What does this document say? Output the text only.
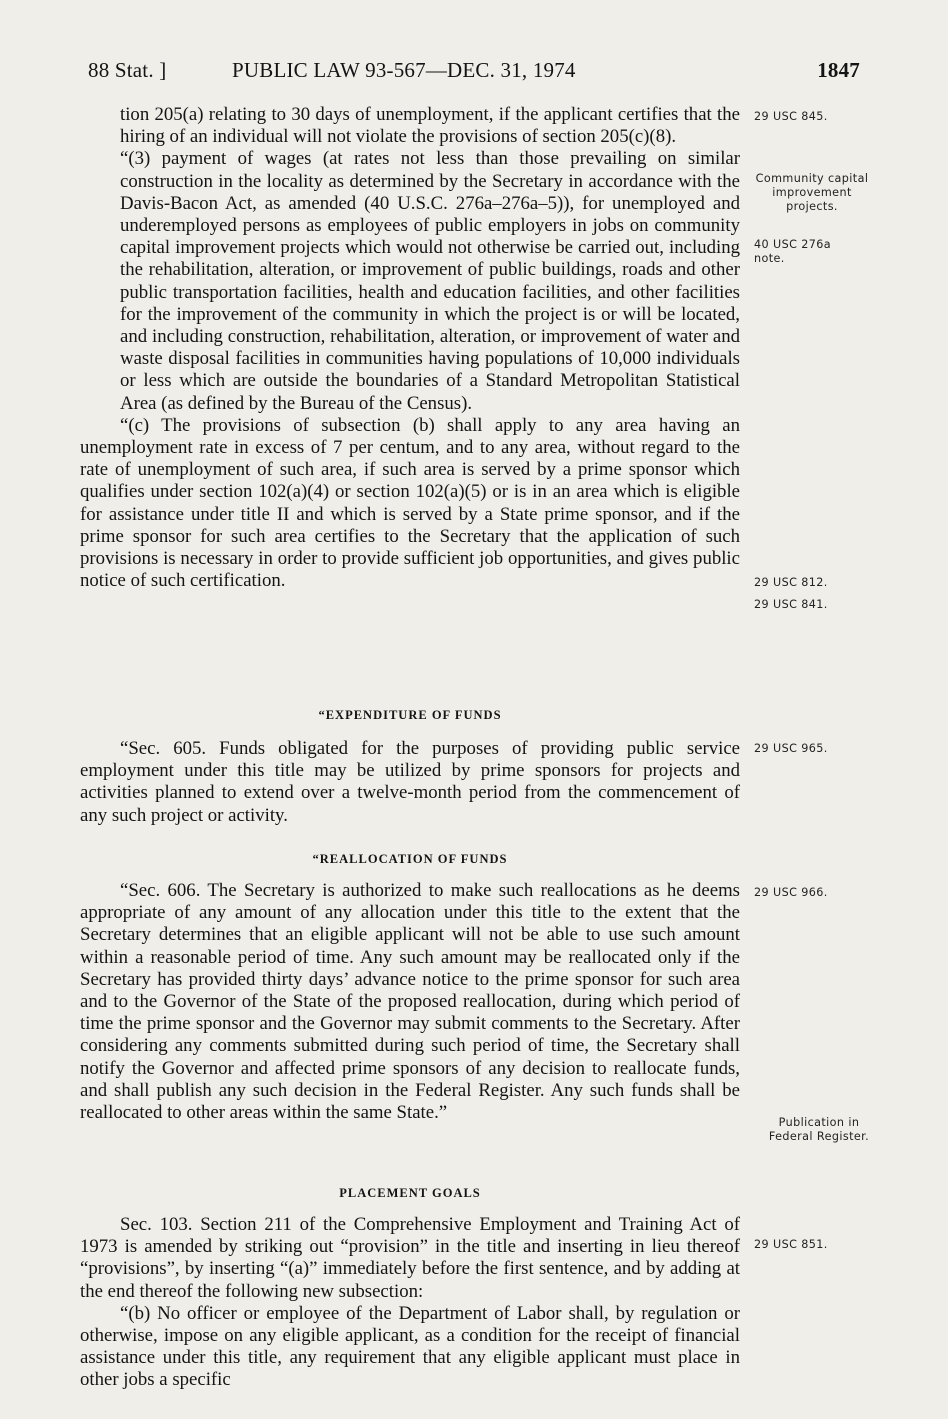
88 Stat. ]	PUBLIC LAW 93-567—DEC. 31, 1974	1847

tion 205(a) relating to 30 days of unemployment, if the applicant certifies that the hiring of an individual will not violate the provisions of section 205(c)(8).

“(3) payment of wages (at rates not less than those prevailing on similar construction in the locality as determined by the Secretary in accordance with the Davis-Bacon Act, as amended (40 U.S.C. 276a–276a–5)), for unemployed and underemployed persons as employees of public employers in jobs on community capital improvement projects which would not otherwise be carried out, including the rehabilitation, alteration, or improvement of public buildings, roads and other public transportation facilities, health and education facilities, and other facilities for the improvement of the community in which the project is or will be located, and including construction, rehabilitation, alteration, or improvement of water and waste disposal facilities in communities having populations of 10,000 individuals or less which are outside the boundaries of a Standard Metropolitan Statistical Area (as defined by the Bureau of the Census).

“(c) The provisions of subsection (b) shall apply to any area having an unemployment rate in excess of 7 per centum, and to any area, without regard to the rate of unemployment of such area, if such area is served by a prime sponsor which qualifies under section 102(a)(4) or section 102(a)(5) or is in an area which is eligible for assistance under title II and which is served by a State prime sponsor, and if the prime sponsor for such area certifies to the Secretary that the application of such provisions is necessary in order to provide sufficient job opportunities, and gives public notice of such certification.

“EXPENDITURE OF FUNDS

“Sec. 605. Funds obligated for the purposes of providing public service employment under this title may be utilized by prime sponsors for projects and activities planned to extend over a twelve-month period from the commencement of any such project or activity.

“REALLOCATION OF FUNDS

“Sec. 606. The Secretary is authorized to make such reallocations as he deems appropriate of any amount of any allocation under this title to the extent that the Secretary determines that an eligible applicant will not be able to use such amount within a reasonable period of time. Any such amount may be reallocated only if the Secretary has provided thirty days’ advance notice to the prime sponsor for such area and to the Governor of the State of the proposed reallocation, during which period of time the prime sponsor and the Governor may submit comments to the Secretary. After considering any comments submitted during such period of time, the Secretary shall notify the Governor and affected prime sponsors of any decision to reallocate funds, and shall publish any such decision in the Federal Register. Any such funds shall be reallocated to other areas within the same State.”

PLACEMENT GOALS

Sec. 103. Section 211 of the Comprehensive Employment and Training Act of 1973 is amended by striking out “provision” in the title and inserting in lieu thereof “provisions”, by inserting “(a)” immediately before the first sentence, and by adding at the end thereof the following new subsection:

“(b) No officer or employee of the Department of Labor shall, by regulation or otherwise, impose on any eligible applicant, as a condition for the receipt of financial assistance under this title, any requirement that any eligible applicant must place in other jobs a specific

29 USC 845.
Community capital improvement projects.
40 USC 276a note.
29 USC 812.
29 USC 841.
29 USC 965.
29 USC 966.
Publication in Federal Register.
29 USC 851.
